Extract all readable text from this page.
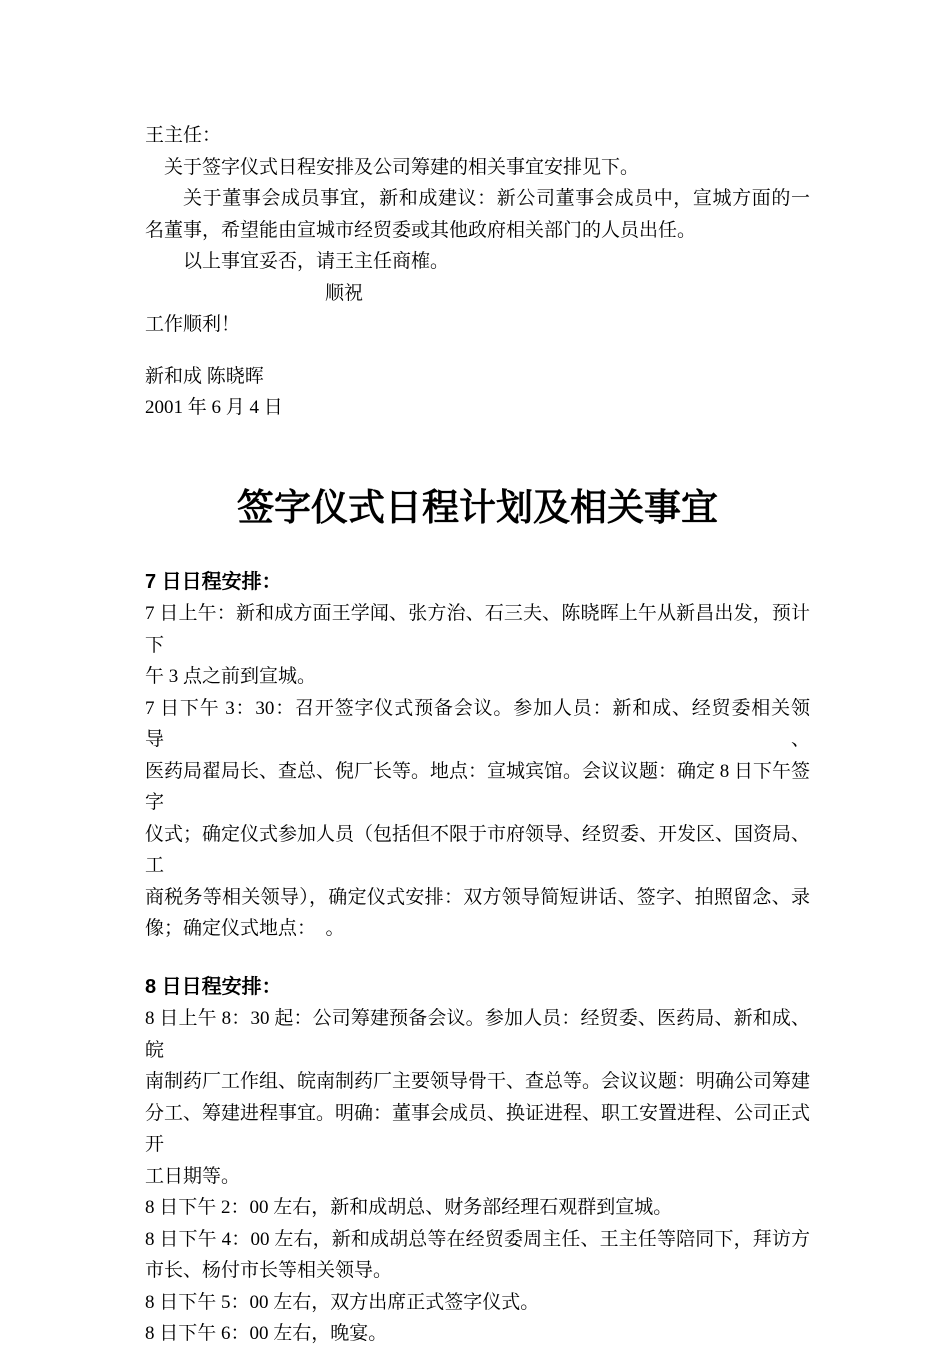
王主任：
关于签字仪式日程安排及公司筹建的相关事宜安排见下。
关于董事会成员事宜，新和成建议：新公司董事会成员中，宣城方面的一
名董事，希望能由宣城市经贸委或其他政府相关部门的人员出任。
以上事宜妥否，请王主任商榷。
顺祝
工作顺利！
新和成 陈晓晖
2001 年 6 月 4 日
签字仪式日程计划及相关事宜
7 日日程安排：
7 日上午：新和成方面王学闻、张方治、石三夫、陈晓晖上午从新昌出发，预计下
午 3 点之前到宣城。
7 日下午 3：30：召开签字仪式预备会议。参加人员：新和成、经贸委相关领导、
医药局翟局长、查总、倪厂长等。地点：宣城宾馆。会议议题：确定 8 日下午签字
仪式；确定仪式参加人员（包括但不限于市府领导、经贸委、开发区、国资局、工
商税务等相关领导），确定仪式安排：双方领导简短讲话、签字、拍照留念、录
像；确定仪式地点：　。
8 日日程安排：
8 日上午 8：30 起：公司筹建预备会议。参加人员：经贸委、医药局、新和成、皖
南制药厂工作组、皖南制药厂主要领导骨干、查总等。会议议题：明确公司筹建
分工、筹建进程事宜。明确：董事会成员、换证进程、职工安置进程、公司正式开
工日期等。
8 日下午 2：00 左右，新和成胡总、财务部经理石观群到宣城。
8 日下午 4：00 左右，新和成胡总等在经贸委周主任、王主任等陪同下，拜访方
市长、杨付市长等相关领导。
8 日下午 5：00 左右，双方出席正式签字仪式。
8 日下午 6：00 左右，晚宴。
